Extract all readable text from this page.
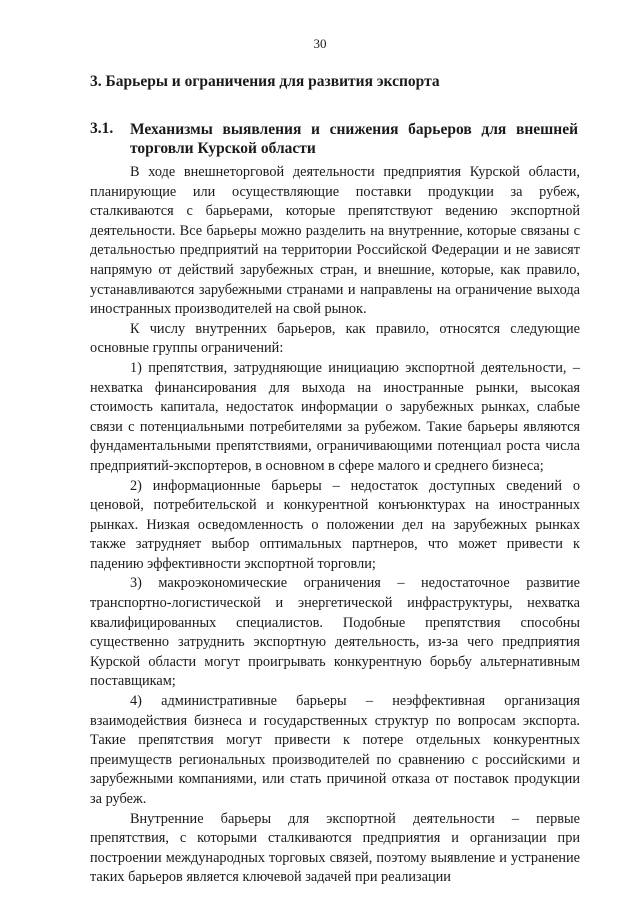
30
3. Барьеры и ограничения для развития экспорта
3.1. Механизмы выявления и снижения барьеров для внешней торговли Курской области

В ходе внешнеторговой деятельности предприятия Курской области, планирующие или осуществляющие поставки продукции за рубеж, сталкиваются с барьерами, которые препятствуют ведению экспортной деятельности. Все барьеры можно разделить на внутренние, которые связаны с детальностью предприятий на территории Российской Федерации и не зависят напрямую от действий зарубежных стран, и внешние, которые, как правило, устанавливаются зарубежными странами и направлены на ограничение выхода иностранных производителей на свой рынок.

К числу внутренних барьеров, как правило, относятся следующие основные группы ограничений:

1) препятствия, затрудняющие инициацию экспортной деятельности, – нехватка финансирования для выхода на иностранные рынки, высокая стоимость капитала, недостаток информации о зарубежных рынках, слабые связи с потенциальными потребителями за рубежом. Такие барьеры являются фундаментальными препятствиями, ограничивающими потенциал роста числа предприятий-экспортеров, в основном в сфере малого и среднего бизнеса;

2) информационные барьеры – недостаток доступных сведений о ценовой, потребительской и конкурентной конъюнктурах на иностранных рынках. Низкая осведомленность о положении дел на зарубежных рынках также затрудняет выбор оптимальных партнеров, что может привести к падению эффективности экспортной торговли;

3) макроэкономические ограничения – недостаточное развитие транспортно-логистической и энергетической инфраструктуры, нехватка квалифицированных специалистов. Подобные препятствия способны существенно затруднить экспортную деятельность, из-за чего предприятия Курской области могут проигрывать конкурентную борьбу альтернативным поставщикам;

4) административные барьеры – неэффективная организация взаимодействия бизнеса и государственных структур по вопросам экспорта. Такие препятствия могут привести к потере отдельных конкурентных преимуществ региональных производителей по сравнению с российскими и зарубежными компаниями, или стать причиной отказа от поставок продукции за рубеж.

Внутренние барьеры для экспортной деятельности – первые препятствия, с которыми сталкиваются предприятия и организации при построении международных торговых связей, поэтому выявление и устранение таких барьеров является ключевой задачей при реализации
